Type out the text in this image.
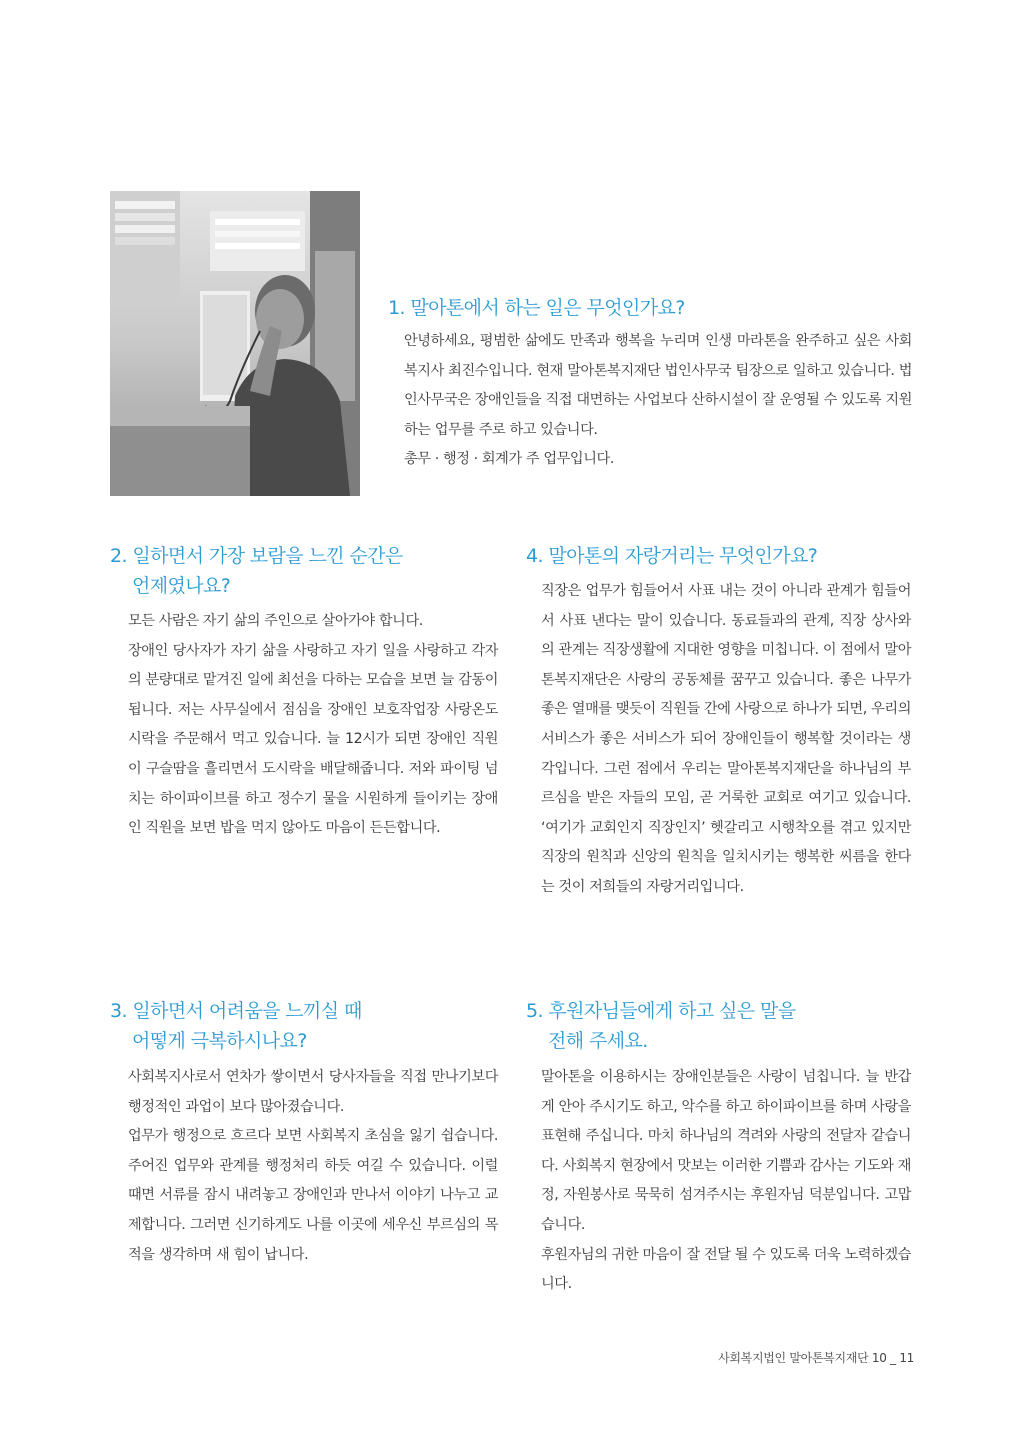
1. 말아톤에서 하는 일은 무엇인가요?

안녕하세요, 평범한 삶에도 만족과 행복을 누리며 인생 마라톤을 완주하고 싶은 사회복지사 최진수입니다. 현재 말아톤복지재단 법인사무국 팀장으로 일하고 있습니다. 법인사무국은 장애인들을 직접 대면하는 사업보다 산하시설이 잘 운영될 수 있도록 지원하는 업무를 주로 하고 있습니다.

총무 · 행정 · 회계가 주 업무입니다.

2. 일하면서 가장 보람을 느낀 순간은
언제였나요?

모든 사람은 자기 삶의 주인으로 살아가야 합니다.

장애인 당사자가 자기 삶을 사랑하고 자기 일을 사랑하고 각자의 분량대로 맡겨진 일에 최선을 다하는 모습을 보면 늘 감동이 됩니다. 저는 사무실에서 점심을 장애인 보호작업장 사랑온도시락을 주문해서 먹고 있습니다. 늘 12시가 되면 장애인 직원이 구슬땀을 흘리면서 도시락을 배달해줍니다. 저와 파이팅 넘치는 하이파이브를 하고 정수기 물을 시원하게 들이키는 장애인 직원을 보면 밥을 먹지 않아도 마음이 든든합니다.

3. 일하면서 어려움을 느끼실 때
어떻게 극복하시나요?

사회복지사로서 연차가 쌓이면서 당사자들을 직접 만나기보다 행정적인 과업이 보다 많아졌습니다.

업무가 행정으로 흐르다 보면 사회복지 초심을 잃기 쉽습니다. 주어진 업무와 관계를 행정처리 하듯 여길 수 있습니다. 이럴 때면 서류를 잠시 내려놓고 장애인과 만나서 이야기 나누고 교제합니다. 그러면 신기하게도 나를 이곳에 세우신 부르심의 목적을 생각하며 새 힘이 납니다.

4. 말아톤의 자랑거리는 무엇인가요?

직장은 업무가 힘들어서 사표 내는 것이 아니라 관계가 힘들어서 사표 낸다는 말이 있습니다. 동료들과의 관계, 직장 상사와의 관계는 직장생활에 지대한 영향을 미칩니다. 이 점에서 말아톤복지재단은 사랑의 공동체를 꿈꾸고 있습니다. 좋은 나무가 좋은 열매를 맺듯이 직원들 간에 사랑으로 하나가 되면, 우리의 서비스가 좋은 서비스가 되어 장애인들이 행복할 것이라는 생각입니다. 그런 점에서 우리는 말아톤복지재단을 하나님의 부르심을 받은 자들의 모임, 곧 거룩한 교회로 여기고 있습니다. ‘여기가 교회인지 직장인지’ 헷갈리고 시행착오를 겪고 있지만 직장의 원칙과 신앙의 원칙을 일치시키는 행복한 씨름을 한다는 것이 저희들의 자랑거리입니다.

5. 후원자님들에게 하고 싶은 말을
전해 주세요.

말아톤을 이용하시는 장애인분들은 사랑이 넘칩니다. 늘 반갑게 안아 주시기도 하고, 악수를 하고 하이파이브를 하며 사랑을 표현해 주십니다. 마치 하나님의 격려와 사랑의 전달자 같습니다. 사회복지 현장에서 맛보는 이러한 기쁨과 감사는 기도와 재정, 자원봉사로 묵묵히 섬겨주시는 후원자님 덕분입니다. 고맙습니다.

후원자님의 귀한 마음이 잘 전달 될 수 있도록 더욱 노력하겠습니다.

사회복지법인 말아톤복지재단 10 _ 11
